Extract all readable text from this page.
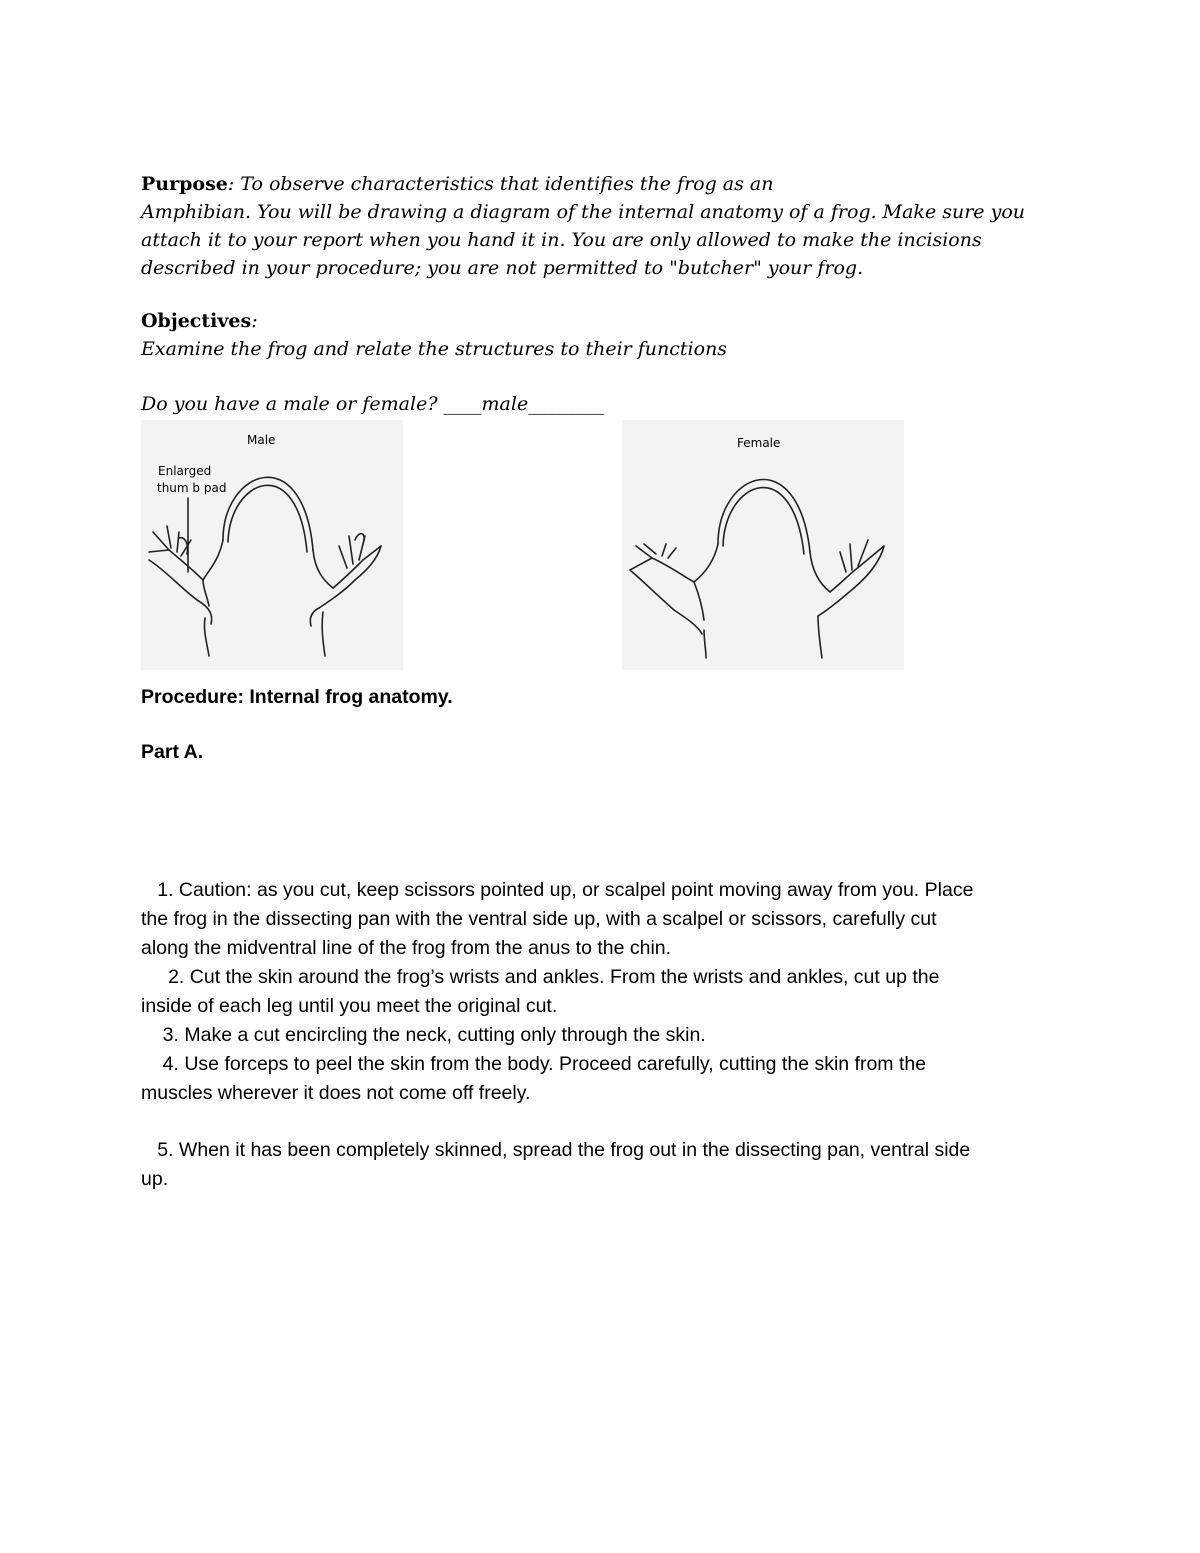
Purpose: To observe characteristics that identifies the frog as an

Amphibian. You will be drawing a diagram of the internal anatomy of a frog. Make sure you

attach it to your report when you hand it in. You are only allowed to make the incisions

described in your procedure; you are not permitted to "butcher" your frog.

Objectives:
Examine the frog and relate the structures to their functions
Do you have a male or female? ____male________
Male
Enlarged
thum b pad
Female
Procedure: Internal frog anatomy.
Part A.

1. Caution: as you cut, keep scissors pointed up, or scalpel point moving away from you. Place

the frog in the dissecting pan with the ventral side up, with a scalpel or scissors, carefully cut

along the midventral line of the frog from the anus to the chin.

2. Cut the skin around the frog’s wrists and ankles. From the wrists and ankles, cut up the

inside of each leg until you meet the original cut.

3. Make a cut encircling the neck, cutting only through the skin.

4. Use forceps to peel the skin from the body. Proceed carefully, cutting the skin from the

muscles wherever it does not come off freely.

5. When it has been completely skinned, spread the frog out in the dissecting pan, ventral side

up.
